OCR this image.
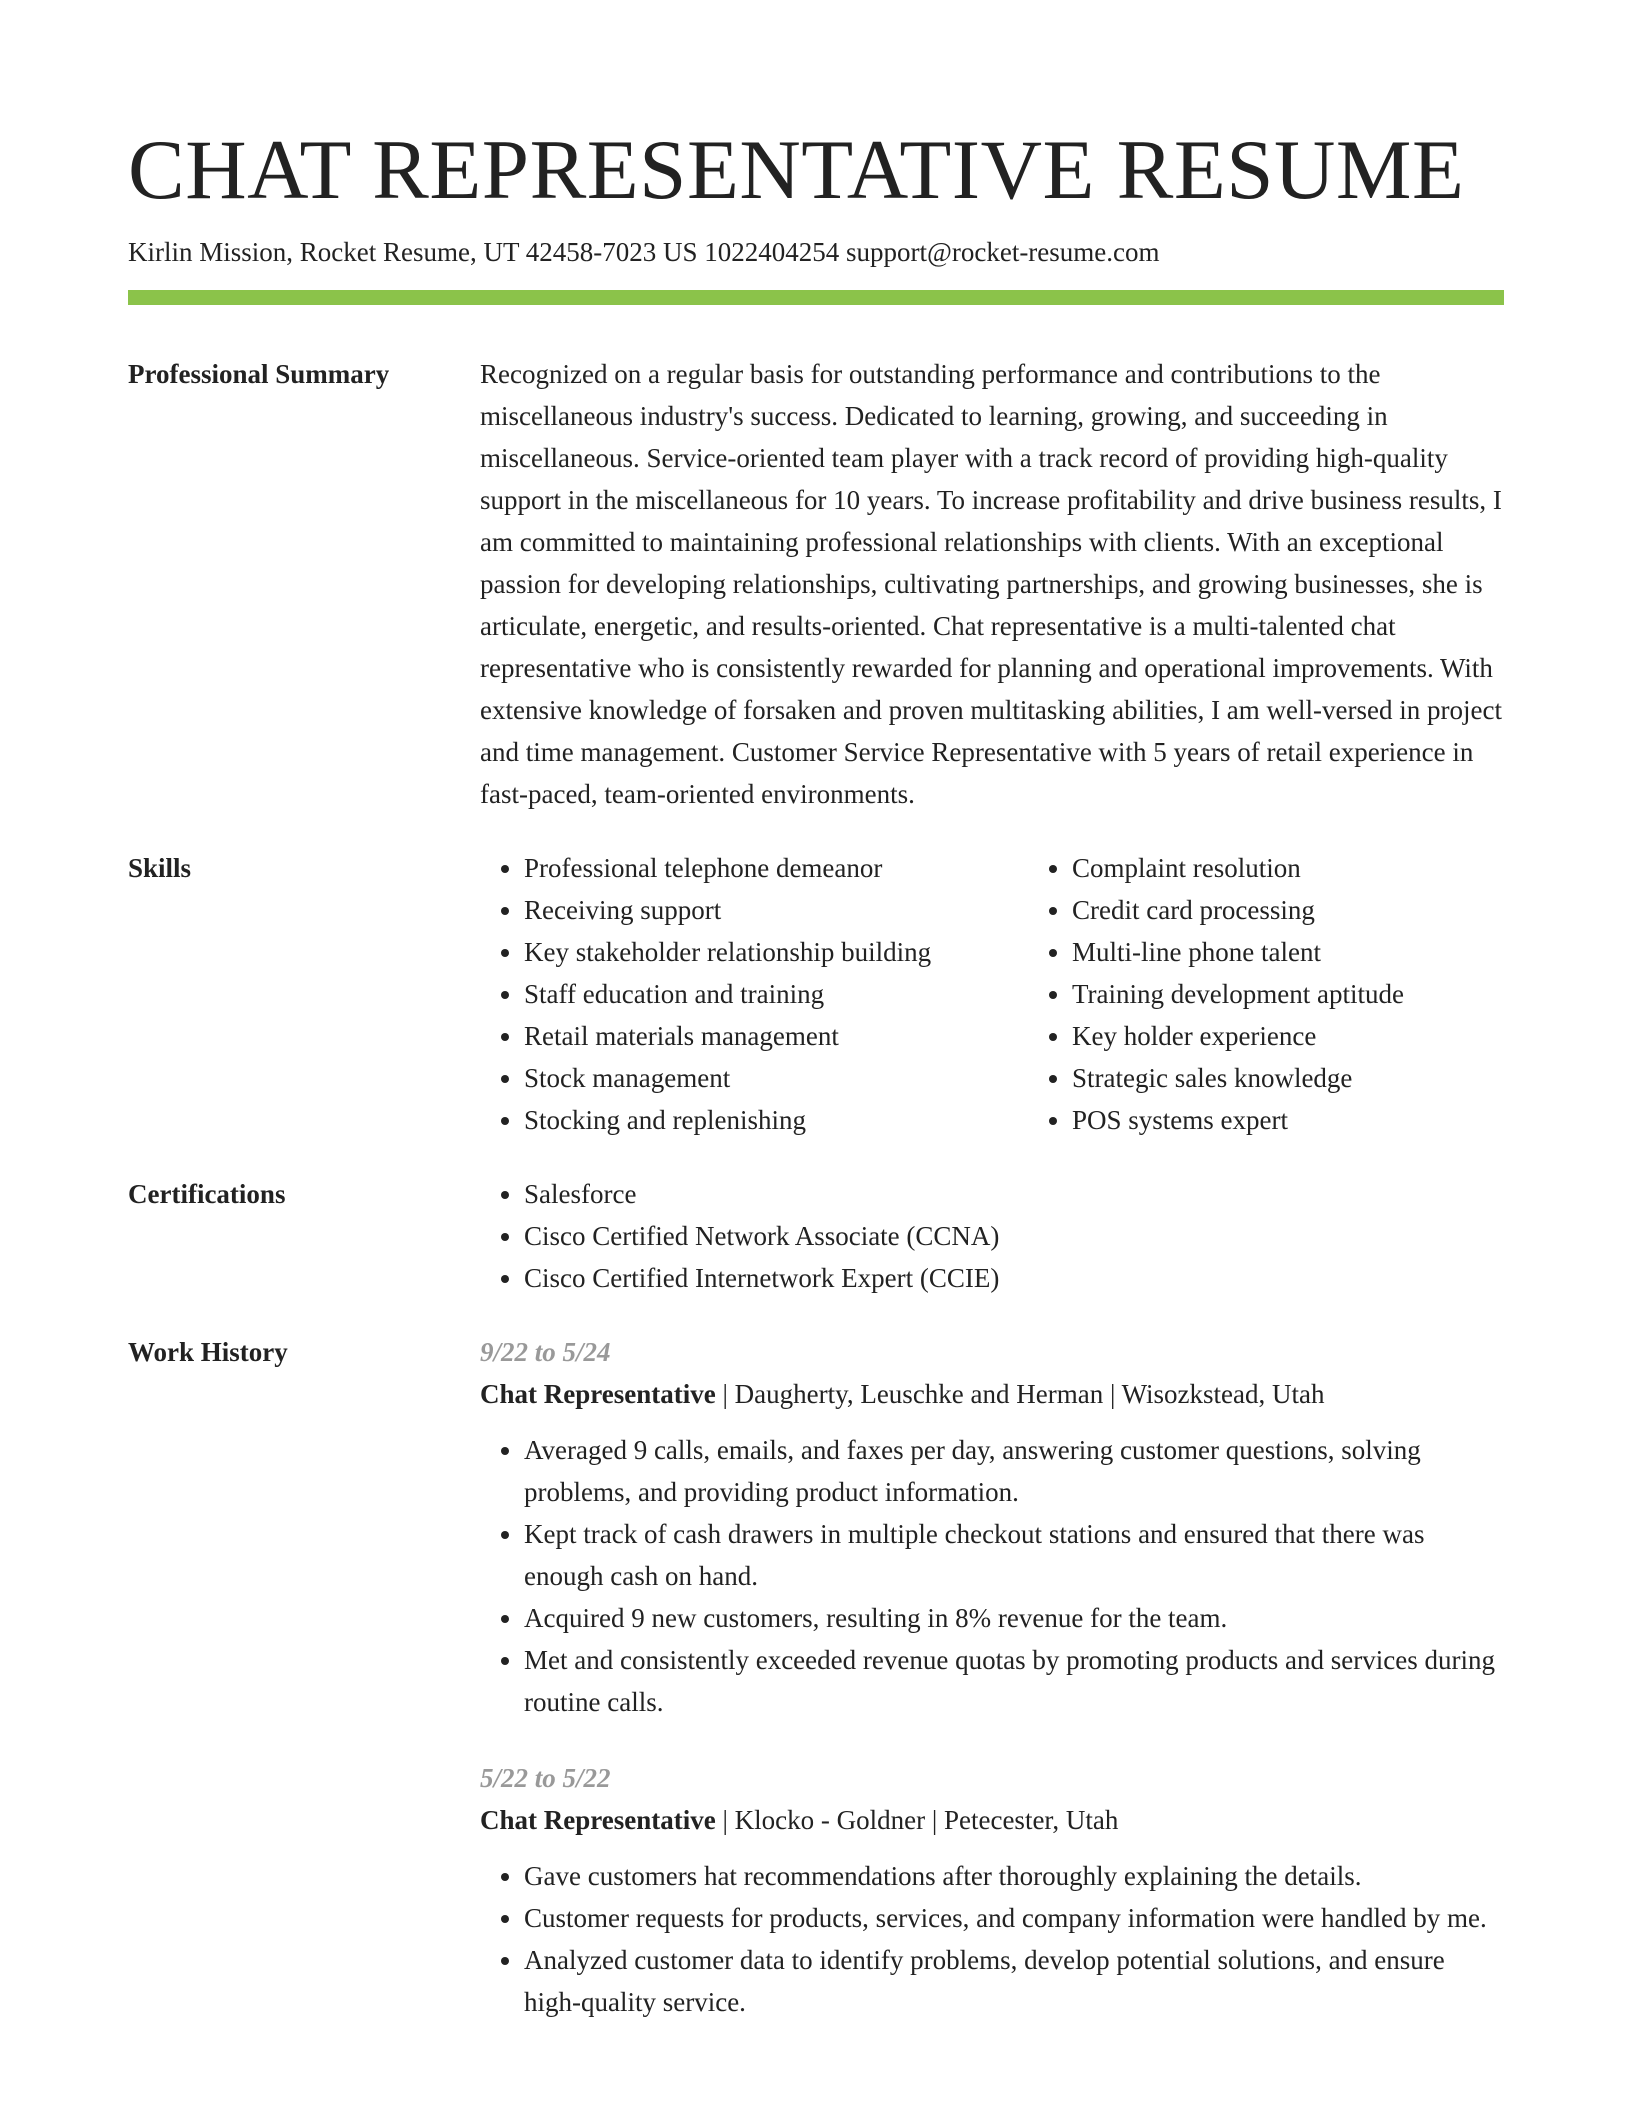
CHAT REPRESENTATIVE RESUME
Kirlin Mission, Rocket Resume, UT 42458-7023 US 1022404254 support@rocket-resume.com
Professional Summary	Recognized on a regular basis for outstanding performance and contributions to the miscellaneous industry's success. Dedicated to learning, growing, and succeeding in miscellaneous. Service-oriented team player with a track record of providing high-quality support in the miscellaneous for 10 years. To increase profitability and drive business results, I am committed to maintaining professional relationships with clients. With an exceptional passion for developing relationships, cultivating partnerships, and growing businesses, she is articulate, energetic, and results-oriented. Chat representative is a multi-talented chat representative who is consistently rewarded for planning and operational improvements. With extensive knowledge of forsaken and proven multitasking abilities, I am well-versed in project and time management. Customer Service Representative with 5 years of retail experience in fast-paced, team-oriented environments.
Skills	• Professional telephone demeanor
• Receiving support
• Key stakeholder relationship building
• Staff education and training
• Retail materials management
• Stock management
• Stocking and replenishing
• Complaint resolution
• Credit card processing
• Multi-line phone talent
• Training development aptitude
• Key holder experience
• Strategic sales knowledge
• POS systems expert
Certifications	• Salesforce
• Cisco Certified Network Associate (CCNA)
• Cisco Certified Internetwork Expert (CCIE)
Work History	9/22 to 5/24
Chat Representative | Daugherty, Leuschke and Herman | Wisozkstead, Utah
• Averaged 9 calls, emails, and faxes per day, answering customer questions, solving problems, and providing product information.
• Kept track of cash drawers in multiple checkout stations and ensured that there was enough cash on hand.
• Acquired 9 new customers, resulting in 8% revenue for the team.
• Met and consistently exceeded revenue quotas by promoting products and services during routine calls.
5/22 to 5/22
Chat Representative | Klocko - Goldner | Petecester, Utah
• Gave customers hat recommendations after thoroughly explaining the details.
• Customer requests for products, services, and company information were handled by me.
• Analyzed customer data to identify problems, develop potential solutions, and ensure high-quality service.
